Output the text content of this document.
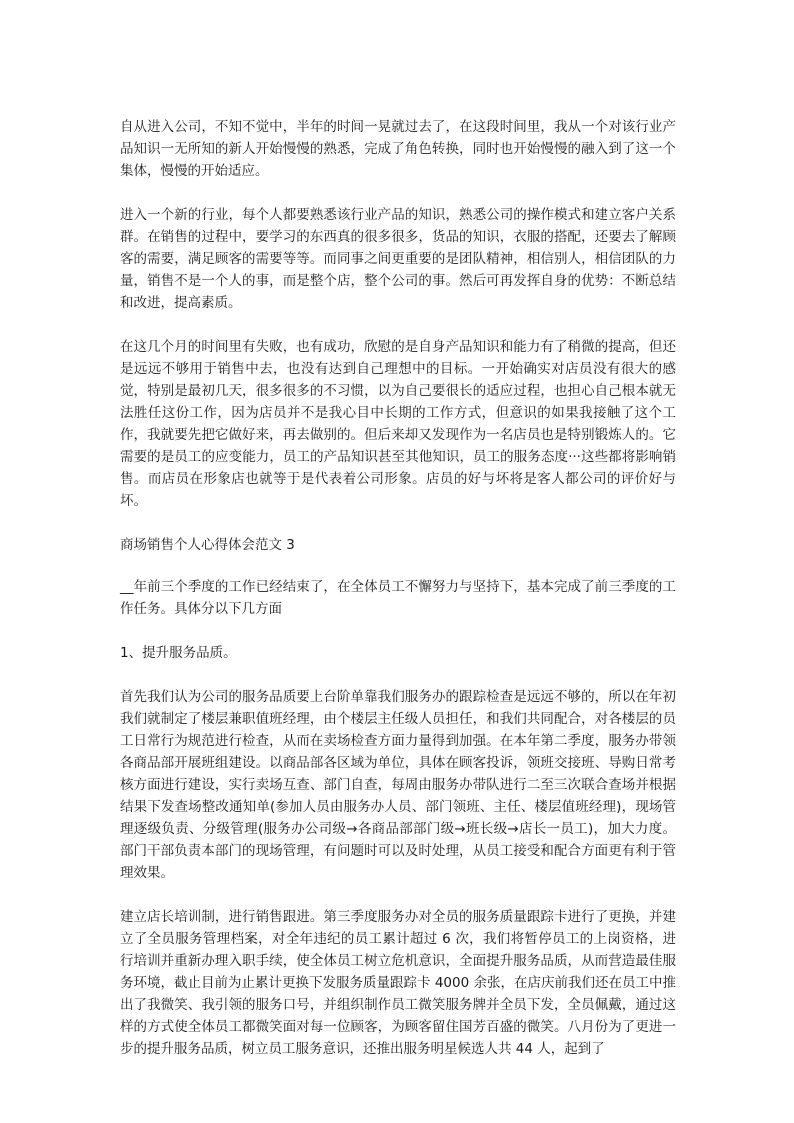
自从进入公司，不知不觉中，半年的时间一晃就过去了，在这段时间里，我从一个对该行业产品知识一无所知的新人开始慢慢的熟悉，完成了角色转换，同时也开始慢慢的融入到了这一个集体，慢慢的开始适应。

进入一个新的行业，每个人都要熟悉该行业产品的知识，熟悉公司的操作模式和建立客户关系群。在销售的过程中，要学习的东西真的很多很多，货品的知识，衣服的搭配，还要去了解顾客的需要，满足顾客的需要等等。而同事之间更重要的是团队精神，相信别人，相信团队的力量，销售不是一个人的事，而是整个店，整个公司的事。然后可再发挥自身的优势：不断总结和改进，提高素质。

在这几个月的时间里有失败，也有成功，欣慰的是自身产品知识和能力有了稍微的提高，但还是远远不够用于销售中去，也没有达到自己理想中的目标。一开始确实对店员没有很大的感觉，特别是最初几天，很多很多的不习惯，以为自己要很长的适应过程，也担心自己根本就无法胜任这份工作，因为店员并不是我心目中长期的工作方式，但意识的如果我接触了这个工作，我就要先把它做好来，再去做别的。但后来却又发现作为一名店员也是特别锻炼人的。它需要的是员工的应变能力，员工的产品知识甚至其他知识，员工的服务态度···这些都将影响销售。而店员在形象店也就等于是代表着公司形象。店员的好与坏将是客人都公司的评价好与坏。

商场销售个人心得体会范文 3

__年前三个季度的工作已经结束了，在全体员工不懈努力与坚持下，基本完成了前三季度的工作任务。具体分以下几方面

1、提升服务品质。

首先我们认为公司的服务品质要上台阶单靠我们服务办的跟踪检查是远远不够的，所以在年初我们就制定了楼层兼职值班经理，由个楼层主任级人员担任，和我们共同配合，对各楼层的员工日常行为规范进行检查，从而在卖场检查方面力量得到加强。在本年第二季度，服务办带领各商品部开展班组建设。以商品部各区域为单位，具体在顾客投诉，领班交接班、导购日常考核方面进行建设，实行卖场互查、部门自查，每周由服务办带队进行二至三次联合查场并根据结果下发查场整改通知单(参加人员由服务办人员、部门领班、主任、楼层值班经理)，现场管理逐级负责、分级管理(服务办公司级→各商品部部门级→班长级→店长一员工)，加大力度。部门干部负责本部门的现场管理，有问题时可以及时处理，从员工接受和配合方面更有利于管理效果。

建立店长培训制，进行销售跟进。第三季度服务办对全员的服务质量跟踪卡进行了更换，并建立了全员服务管理档案，对全年违纪的员工累计超过 6 次，我们将暂停员工的上岗资格，进行培训并重新办理入职手续，使全体员工树立危机意识，全面提升服务品质，从而营造最佳服务环境，截止目前为止累计更换下发服务质量跟踪卡 4000 余张，在店庆前我们还在员工中推出了我微笑、我引领的服务口号，并组织制作员工微笑服务牌并全员下发，全员佩戴，通过这样的方式使全体员工都微笑面对每一位顾客，为顾客留住国芳百盛的微笑。八月份为了更进一步的提升服务品质，树立员工服务意识，还推出服务明星候选人共 44 人，起到了
